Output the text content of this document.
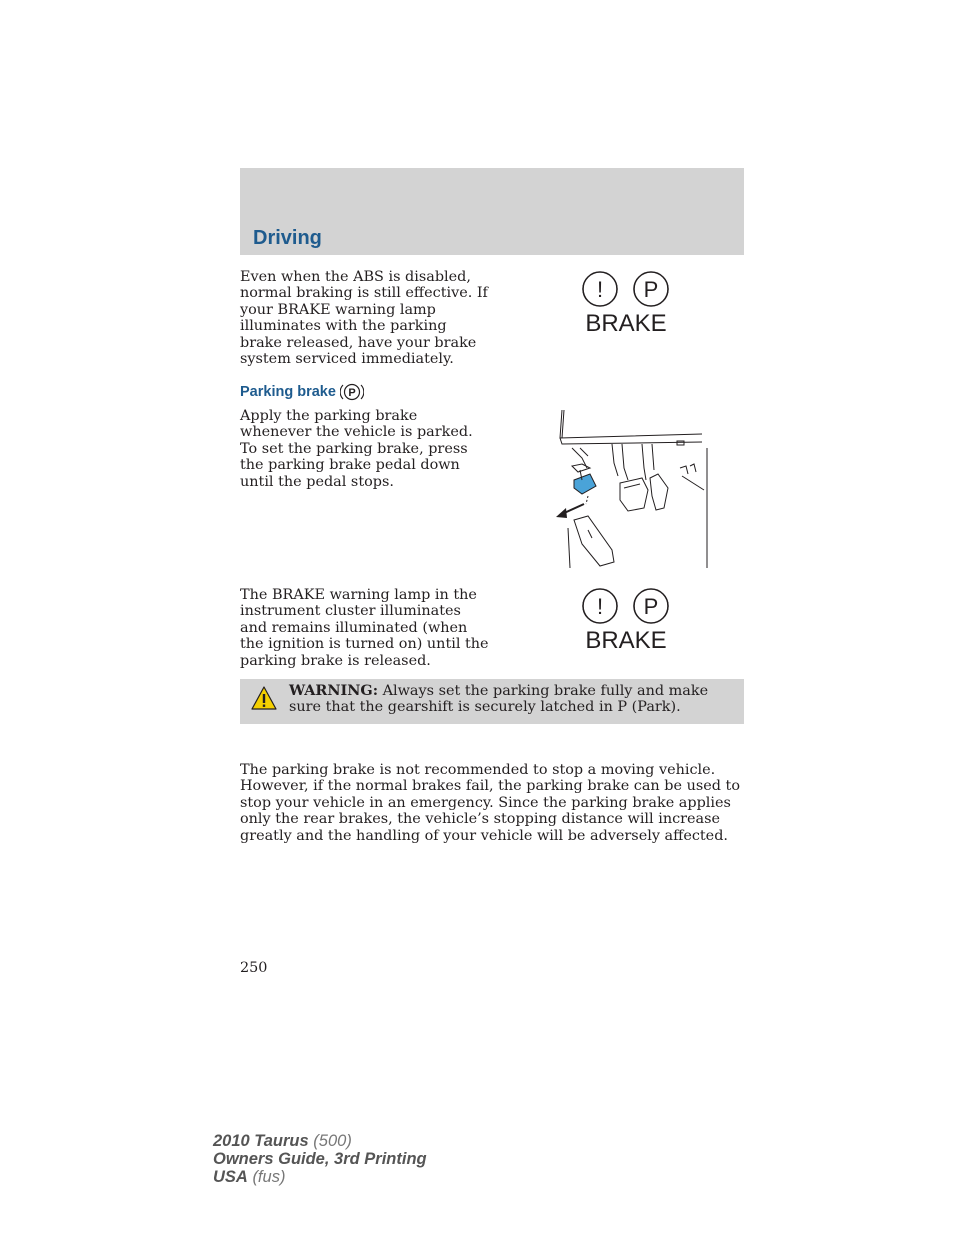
Driving
Even when the ABS is disabled, normal braking is still effective. If your BRAKE warning lamp illuminates with the parking brake released, have your brake system serviced immediately.
! P
BRAKE
Parking brake P
Apply the parking brake whenever the vehicle is parked. To set the parking brake, press the parking brake pedal down until the pedal stops.
The BRAKE warning lamp in the instrument cluster illuminates and remains illuminated (when the ignition is turned on) until the parking brake is released.
! P
BRAKE
WARNING: Always set the parking brake fully and make sure that the gearshift is securely latched in P (Park).
The parking brake is not recommended to stop a moving vehicle. However, if the normal brakes fail, the parking brake can be used to stop your vehicle in an emergency. Since the parking brake applies only the rear brakes, the vehicle’s stopping distance will increase greatly and the handling of your vehicle will be adversely affected.
250
2010 Taurus (500)
Owners Guide, 3rd Printing
USA (fus)
